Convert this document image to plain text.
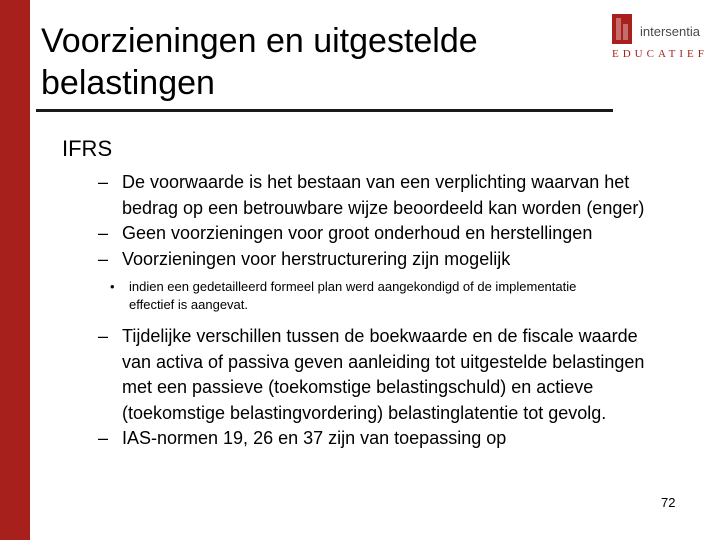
Voorzieningen en uitgestelde belastingen
intersentia
EDUCATIEF
IFRS
– De voorwaarde is het bestaan van een verplichting waarvan het bedrag op een betrouwbare wijze beoordeeld kan worden (enger)
– Geen voorzieningen voor groot onderhoud en herstellingen
– Voorzieningen voor herstructurering zijn mogelijk
• indien een gedetailleerd formeel plan werd aangekondigd of de implementatie effectief is aangevat.
– Tijdelijke verschillen tussen de boekwaarde en de fiscale waarde van activa of passiva geven aanleiding tot uitgestelde belastingen met een passieve (toekomstige belastingschuld) en actieve (toekomstige belastingvordering) belastinglatentie tot gevolg.
– IAS-normen 19, 26 en 37 zijn van toepassing op
72
